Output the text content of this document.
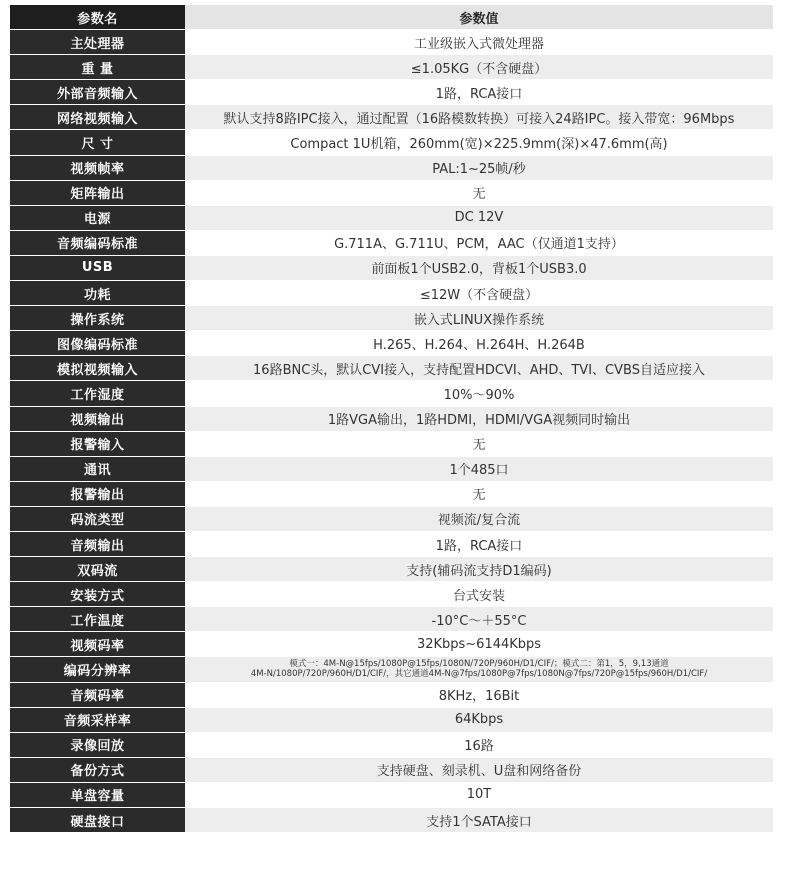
参数名	参数值
主处理器	工业级嵌入式微处理器
重 量	≤1.05KG（不含硬盘）
外部音频输入	1路，RCA接口
网络视频输入	默认支持8路IPC接入，通过配置（16路模数转换）可接入24路IPC。接入带宽：96Mbps
尺 寸	Compact 1U机箱，260mm(宽)×225.9mm(深)×47.6mm(高)
视频帧率	PAL:1~25帧/秒
矩阵输出	无
电源	DC 12V
音频编码标准	G.711A、G.711U、PCM，AAC（仅通道1支持）
USB	前面板1个USB2.0，背板1个USB3.0
功耗	≤12W（不含硬盘）
操作系统	嵌入式LINUX操作系统
图像编码标准	H.265、H.264、H.264H、H.264B
模拟视频输入	16路BNC头，默认CVI接入，支持配置HDCVI、AHD、TVI、CVBS自适应接入
工作湿度	10%～90%
视频输出	1路VGA输出，1路HDMI，HDMI/VGA视频同时输出
报警输入	无
通讯	1个485口
报警输出	无
码流类型	视频流/复合流
音频输出	1路，RCA接口
双码流	支持(辅码流支持D1编码)
安装方式	台式安装
工作温度	-10°C～＋55°C
视频码率	32Kbps~6144Kbps
编码分辨率	模式一：4M-N@15fps/1080P@15fps/1080N/720P/960H/D1/CIF/；模式二：第1，5，9,13通道
4M-N/1080P/720P/960H/D1/CIF/，其它通道4M-N@7fps/1080P@7fps/1080N@7fps/720P@15fps/960H/D1/CIF/
音频码率	8KHz，16Bit
音频采样率	64Kbps
录像回放	16路
备份方式	支持硬盘、刻录机、U盘和网络备份
单盘容量	10T
硬盘接口	支持1个SATA接口
